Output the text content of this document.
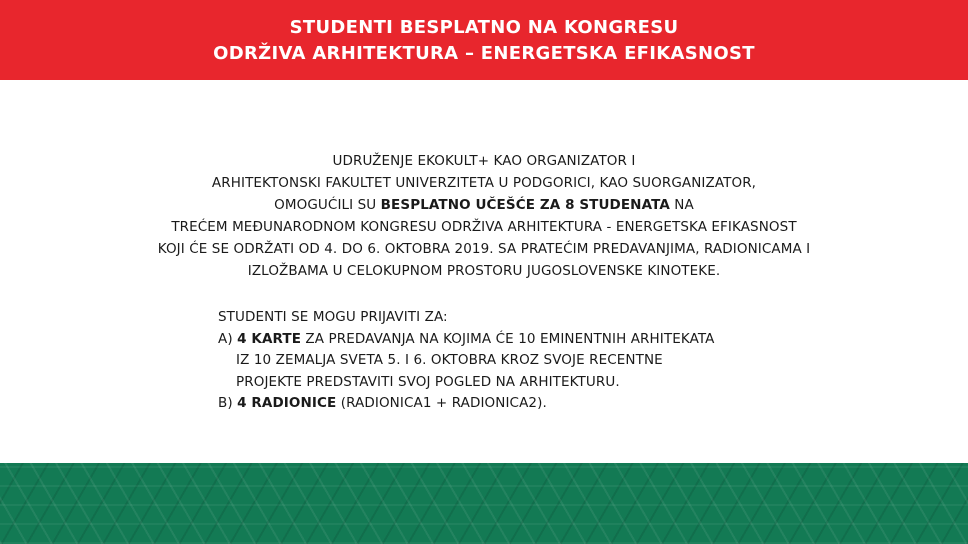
STUDENTI BESPLATNO NA KONGRESU
ODRŽIVA ARHITEKTURA – ENERGETSKA EFIKASNOST
UDRUŽENJE EKOKULT+ KAO ORGANIZATOR I
ARHITEKTONSKI FAKULTET UNIVERZITETA U PODGORICI, KAO SUORGANIZATOR,
OMOGUĆILI SU BESPLATNO UČEŠĆE ZA 8 STUDENATA NA
TREĆEM MEĐUNARODNOM KONGRESU ODRŽIVA ARHITEKTURA - ENERGETSKA EFIKASNOST
KOJI ĆE SE ODRŽATI OD 4. DO 6. OKTOBRA 2019. SA PRATEĆIM PREDAVANJIMA, RADIONICAMA I
IZLOŽBAMA U CELOKUPNOM PROSTORU JUGOSLOVENSKE KINOTEKE.
STUDENTI SE MOGU PRIJAVITI ZA:
A) 4 KARTE ZA PREDAVANJA NA KOJIMA ĆE 10 EMINENTNIH ARHITEKATA
IZ 10 ZEMALJA SVETA 5. I 6. OKTOBRA KROZ SVOJE RECENTNE
PROJEKTE PREDSTAVITI SVOJ POGLED NA ARHITEKTURU.
B) 4 RADIONICE (RADIONICA1 + RADIONICA2).
